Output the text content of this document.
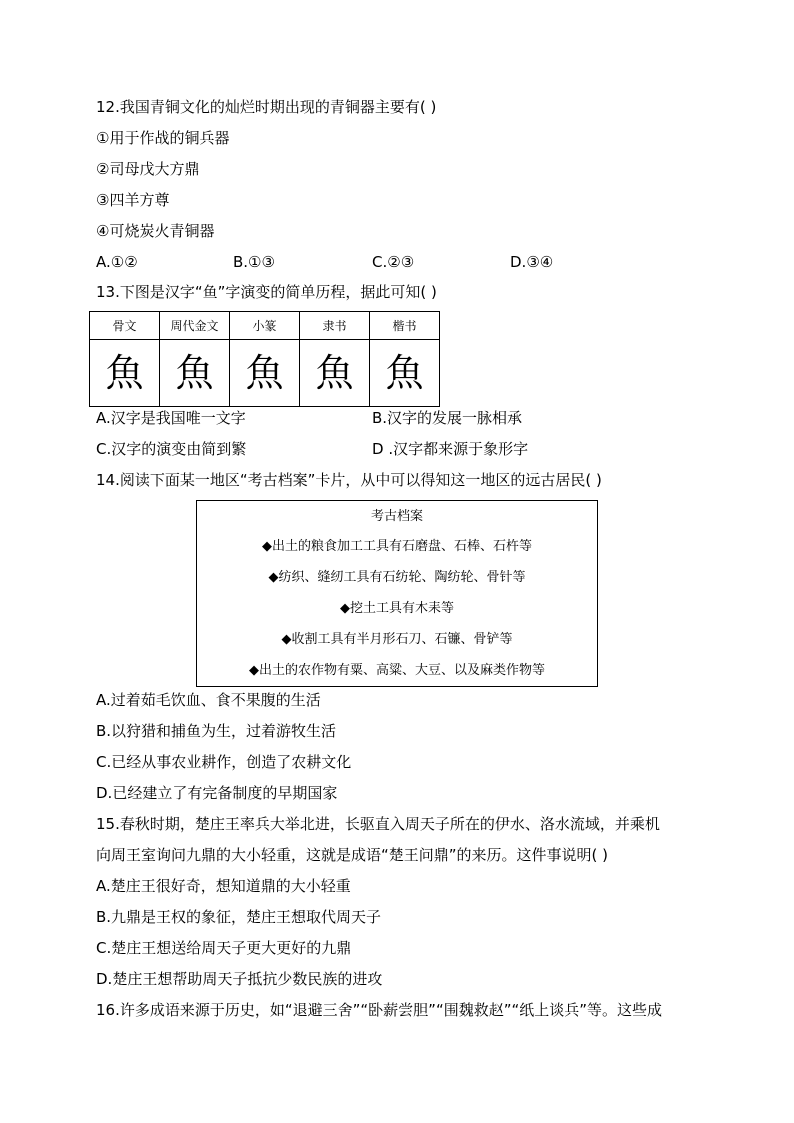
12.我国青铜文化的灿烂时期出现的青铜器主要有( )
①用于作战的铜兵器
②司母戊大方鼎
③四羊方尊
④可烧炭火青铜器
A.①②	B.①③	C.②③	D.③④
13.下图是汉字“鱼”字演变的简单历程，据此可知( )
骨文	周代金文	小篆	隶书	楷书
魚	魚	魚	魚	魚
A.汉字是我国唯一文字	B.汉字的发展一脉相承
C.汉字的演变由简到繁	D .汉字都来源于象形字
14.阅读下面某一地区“考古档案”卡片，从中可以得知这一地区的远古居民( )
考古档案
◆出土的粮食加工工具有石磨盘、石棒、石杵等
◆纺织、缝纫工具有石纺轮、陶纺轮、骨针等
◆挖土工具有木耒等
◆收割工具有半月形石刀、石镰、骨铲等
◆出土的农作物有粟、高粱、大豆、以及麻类作物等
A.过着茹毛饮血、食不果腹的生活
B.以狩猎和捕鱼为生，过着游牧生活
C.已经从事农业耕作，创造了农耕文化
D.已经建立了有完备制度的早期国家
15.春秋时期，楚庄王率兵大举北进，长驱直入周天子所在的伊水、洛水流域，并乘机
向周王室询问九鼎的大小轻重，这就是成语“楚王问鼎”的来历。这件事说明( )
A.楚庄王很好奇，想知道鼎的大小轻重
B.九鼎是王权的象征，楚庄王想取代周天子
C.楚庄王想送给周天子更大更好的九鼎
D.楚庄王想帮助周天子抵抗少数民族的进攻
16.许多成语来源于历史，如“退避三舍”“卧薪尝胆”“围魏救赵”“纸上谈兵”等。这些成
